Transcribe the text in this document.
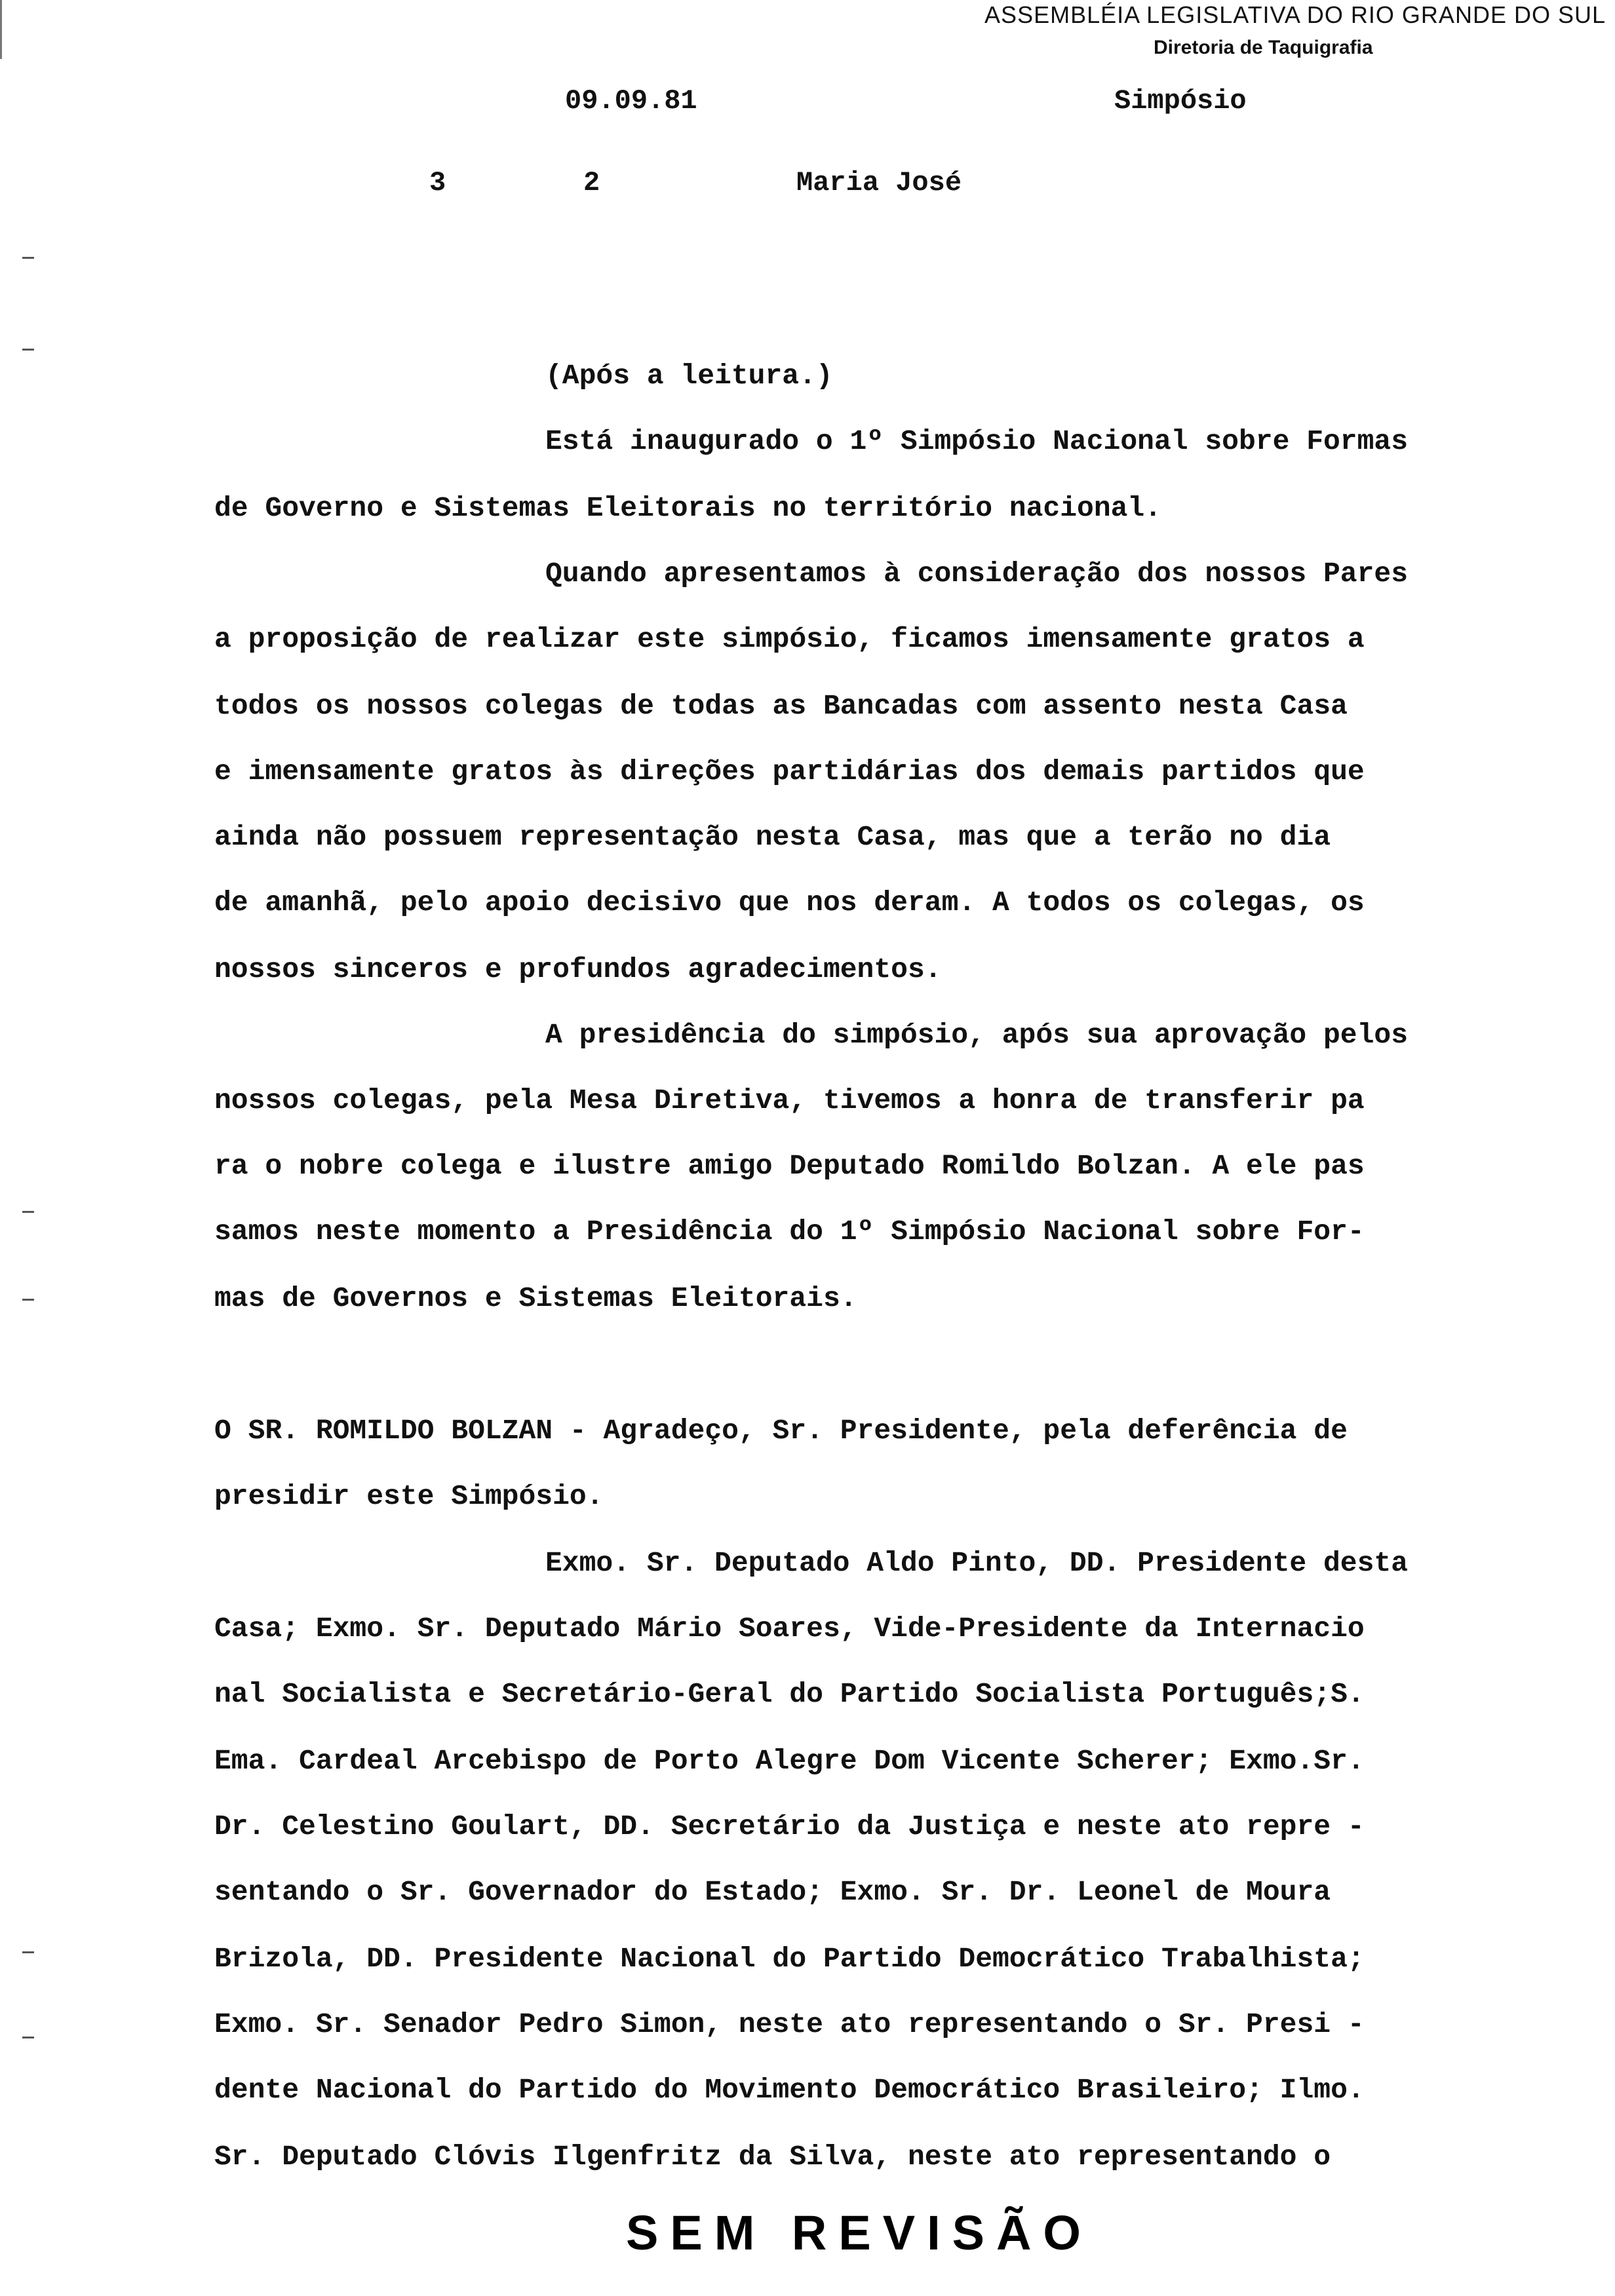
ASSEMBLÉIA LEGISLATIVA DO RIO GRANDE DO SUL
Diretoria de Taquigrafia
09.09.81	Simpósio
3	2	Maria José
(Após a leitura.)
Está inaugurado o 1º Simpósio Nacional sobre Formas
de Governo e Sistemas Eleitorais no território nacional.
Quando apresentamos à consideração dos nossos Pares
a proposição de realizar este simpósio, ficamos imensamente gratos a
todos os nossos colegas de todas as Bancadas com assento nesta Casa
e imensamente gratos às direções partidárias dos demais partidos que
ainda não possuem representação nesta Casa, mas que a terão no dia
de amanhã, pelo apoio decisivo que nos deram. A todos os colegas, os
nossos sinceros e profundos agradecimentos.
A presidência do simpósio, após sua aprovação pelos
nossos colegas, pela Mesa Diretiva, tivemos a honra de transferir pa
ra o nobre colega e ilustre amigo Deputado Romildo Bolzan. A ele pas
samos neste momento a Presidência do 1º Simpósio Nacional sobre For-
mas de Governos e Sistemas Eleitorais.
O SR. ROMILDO BOLZAN - Agradeço, Sr. Presidente, pela deferência de
presidir este Simpósio.
Exmo. Sr. Deputado Aldo Pinto, DD. Presidente desta
Casa; Exmo. Sr. Deputado Mário Soares, Vide-Presidente da Internacio
nal Socialista e Secretário-Geral do Partido Socialista Português;S.
Ema. Cardeal Arcebispo de Porto Alegre Dom Vicente Scherer; Exmo.Sr.
Dr. Celestino Goulart, DD. Secretário da Justiça e neste ato repre -
sentando o Sr. Governador do Estado; Exmo. Sr. Dr. Leonel de Moura
Brizola, DD. Presidente Nacional do Partido Democrático Trabalhista;
Exmo. Sr. Senador Pedro Simon, neste ato representando o Sr. Presi -
dente Nacional do Partido do Movimento Democrático Brasileiro; Ilmo.
Sr. Deputado Clóvis Ilgenfritz da Silva, neste ato representando o
SEM REVISÃO
